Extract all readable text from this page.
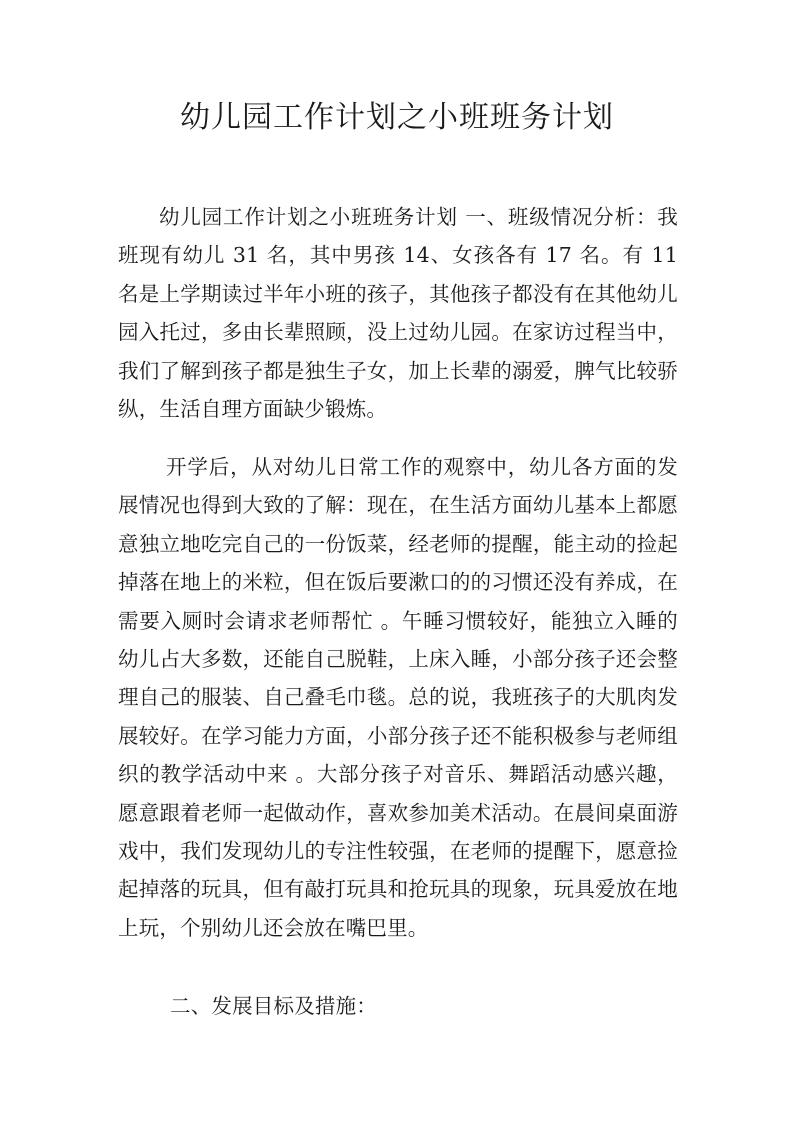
幼儿园工作计划之小班班务计划

幼儿园工作计划之小班班务计划 一、班级情况分析：我班现有幼儿 31 名，其中男孩 14、女孩各有 17 名。有 11 名是上学期读过半年小班的孩子，其他孩子都没有在其他幼儿园入托过，多由长辈照顾，没上过幼儿园。在家访过程当中，我们了解到孩子都是独生子女，加上长辈的溺爱，脾气比较骄纵，生活自理方面缺少锻炼。

开学后，从对幼儿日常工作的观察中，幼儿各方面的发展情况也得到大致的了解：现在，在生活方面幼儿基本上都愿意独立地吃完自己的一份饭菜，经老师的提醒，能主动的捡起掉落在地上的米粒，但在饭后要漱口的的习惯还没有养成，在需要入厕时会请求老师帮忙 。午睡习惯较好，能独立入睡的幼儿占大多数，还能自己脱鞋，上床入睡，小部分孩子还会整理自己的服装、自己叠毛巾毯。总的说，我班孩子的大肌肉发展较好。在学习能力方面，小部分孩子还不能积极参与老师组织的教学活动中来 。大部分孩子对音乐、舞蹈活动感兴趣，愿意跟着老师一起做动作，喜欢参加美术活动。在晨间桌面游戏中，我们发现幼儿的专注性较强，在老师的提醒下，愿意捡起掉落的玩具，但有敲打玩具和抢玩具的现象，玩具爱放在地上玩，个别幼儿还会放在嘴巴里。

二、发展目标及措施：
